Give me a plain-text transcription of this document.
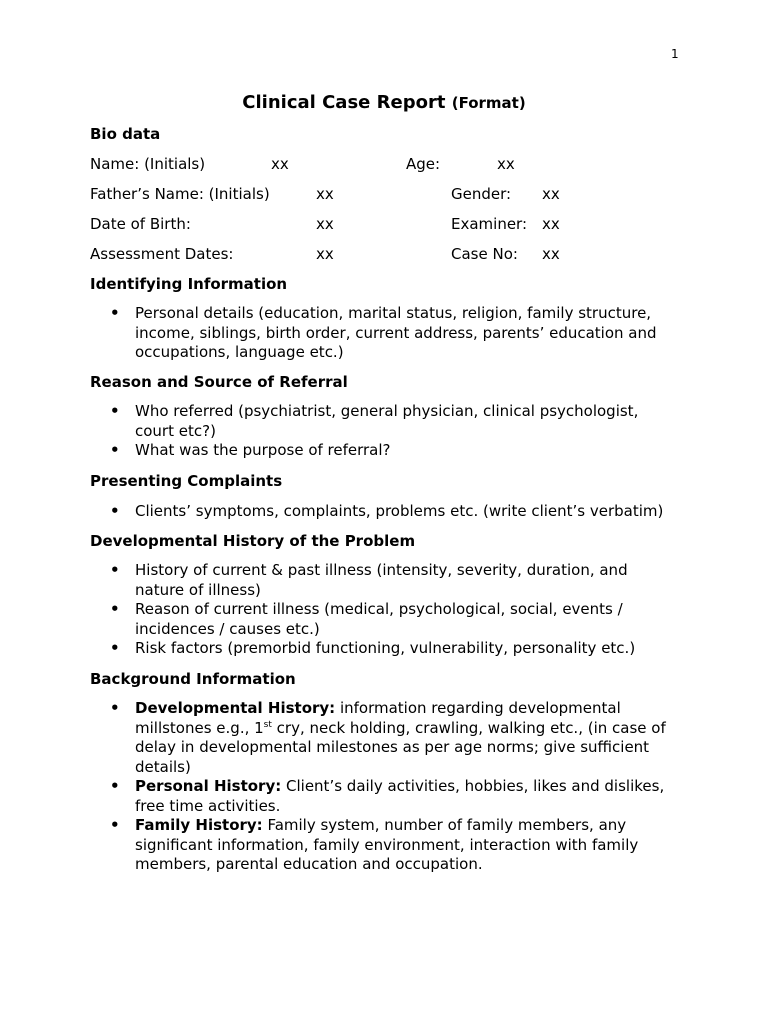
1
Clinical Case Report (Format)
Bio data
Name: (Initials)	xx	Age:	xx
Father’s Name: (Initials)	xx	Gender: xx
Date of Birth:	xx	Examiner: xx
Assessment Dates:	xx	Case No: xx
Identifying Information
• Personal details (education, marital status, religion, family structure, income, siblings, birth order, current address, parents’ education and occupations, language etc.)
Reason and Source of Referral
• Who referred (psychiatrist, general physician, clinical psychologist, court etc?)
• What was the purpose of referral?
Presenting Complaints
• Clients’ symptoms, complaints, problems etc. (write client’s verbatim)
Developmental History of the Problem
• History of current & past illness (intensity, severity, duration, and nature of illness)
• Reason of current illness (medical, psychological, social, events / incidences / causes etc.)
• Risk factors (premorbid functioning, vulnerability, personality etc.)
Background Information
• Developmental History: information regarding developmental millstones e.g., 1st cry, neck holding, crawling, walking etc., (in case of delay in developmental milestones as per age norms; give sufficient details)
• Personal History: Client’s daily activities, hobbies, likes and dislikes, free time activities.
• Family History: Family system, number of family members, any significant information, family environment, interaction with family members, parental education and occupation.
